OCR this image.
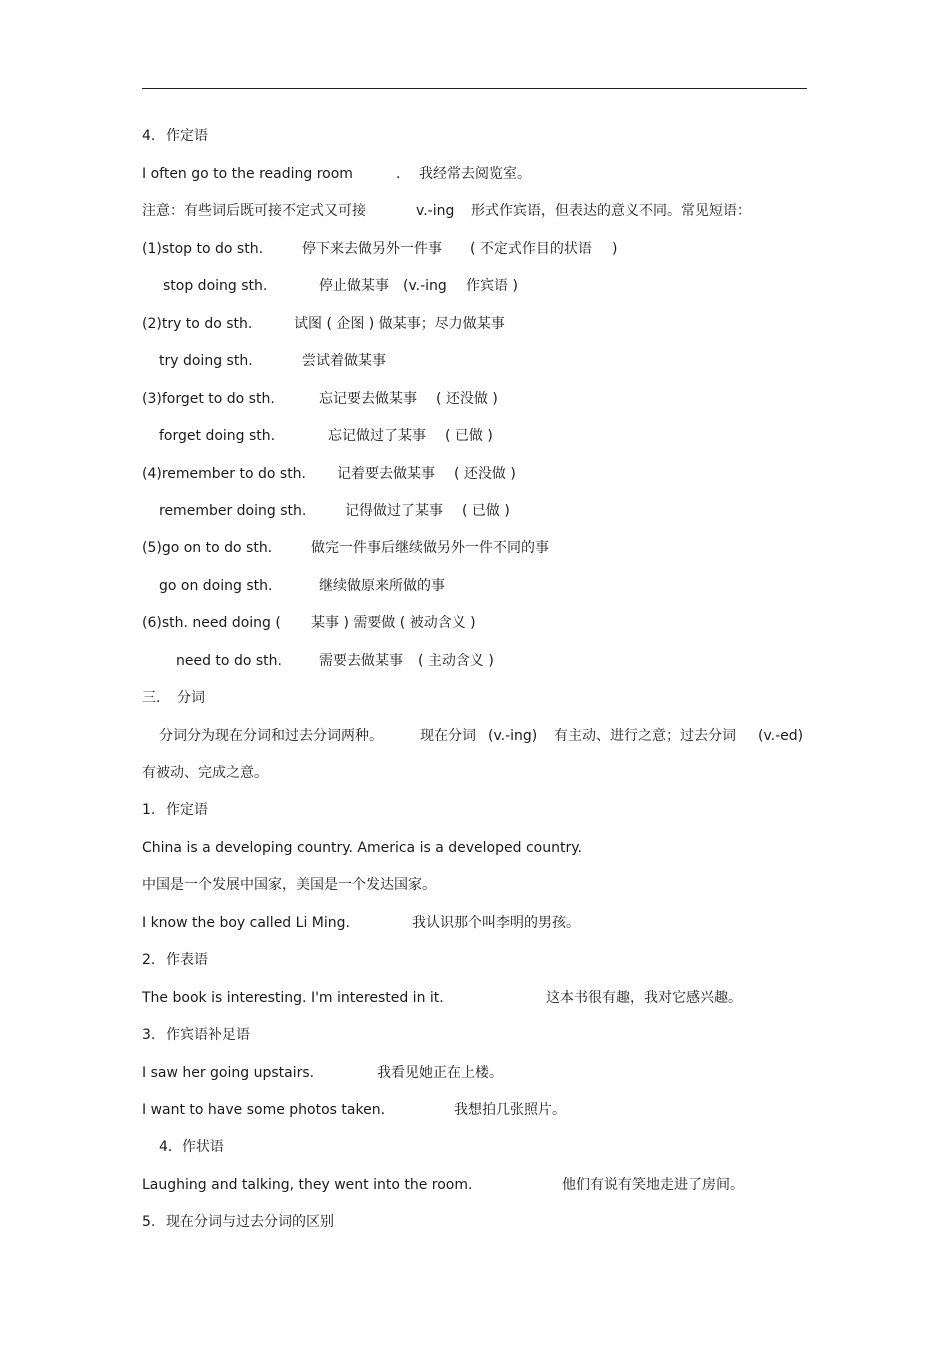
4. 作定语
I often go to the reading room	. 我经常去阅览室。
注意：有些词后既可接不定式又可接	v.-ing 形式作宾语，但表达的意义不同。常见短语：
(1)stop to do sth.	停下来去做另外一件事 ( 不定式作目的状语 )
stop doing sth.	停止做某事 (v.-ing 作宾语 )
(2)try to do sth.	试图 ( 企图 ) 做某事；尽力做某事
try doing sth.	尝试着做某事
(3)forget to do sth.	忘记要去做某事 ( 还没做 )
forget doing sth.	忘记做过了某事 ( 已做 )
(4)remember to do sth. 记着要去做某事 ( 还没做 )
remember doing sth.	记得做过了某事 ( 已做 )
(5)go on to do sth.	做完一件事后继续做另外一件不同的事
go on doing sth.	继续做原来所做的事
(6)sth. need doing ( 某事 ) 需要做 ( 被动含义 )
need to do sth.	需要去做某事 ( 主动含义 )
三. 分词
分词分为现在分词和过去分词两种。	现在分词 (v.-ing) 有主动、进行之意；过去分词 (v.-ed)
有被动、完成之意。
1. 作定语
China is a developing country. America is a developed country.
中国是一个发展中国家，美国是一个发达国家。
I know the boy called Li Ming.	我认识那个叫李明的男孩。
2. 作表语
The book is interesting. I'm interested in it.	这本书很有趣，我对它感兴趣。
3. 作宾语补足语
I saw her going upstairs.	我看见她正在上楼。
I want to have some photos taken.	我想拍几张照片。
4．作状语
Laughing and talking, they went into the room.	他们有说有笑地走进了房间。
5. 现在分词与过去分词的区别
